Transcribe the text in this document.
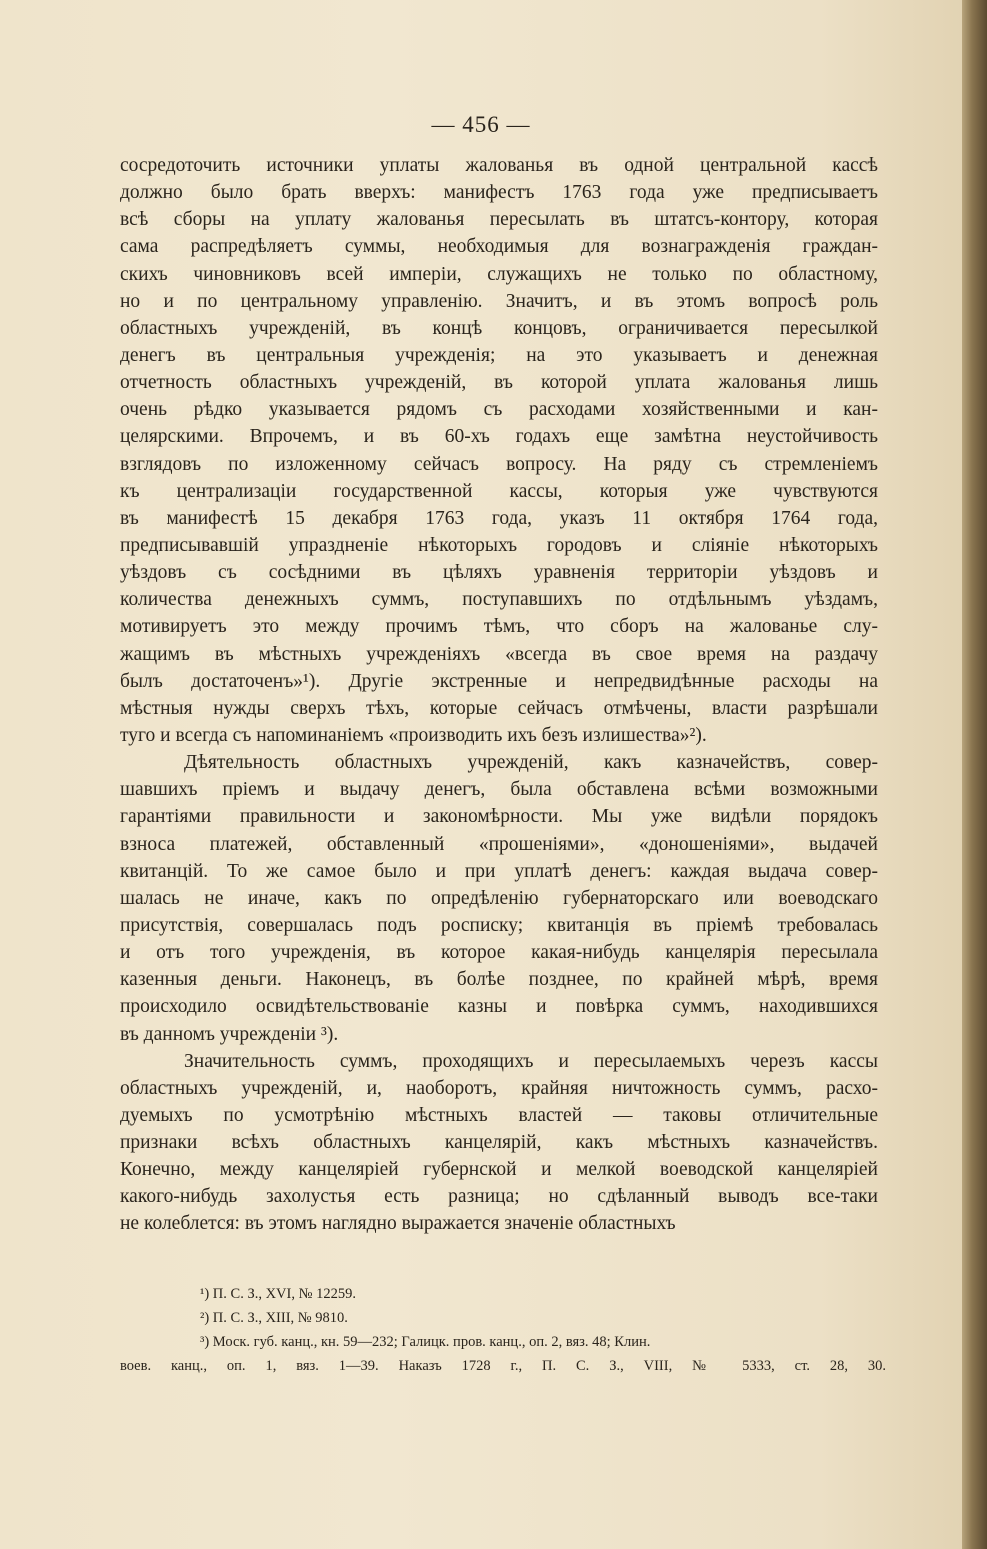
— 456 —
сосредоточить источники уплаты жалованья въ одной центральной кассѣ
должно было брать вверхъ: манифестъ 1763 года уже предписываетъ
всѣ сборы на уплату жалованья пересылать въ штатсъ-контору, которая
сама распредѣляетъ суммы, необходимыя для вознагражденія граждан-
скихъ чиновниковъ всей имперіи, служащихъ не только по областному,
но и по центральному управленію. Значитъ, и въ этомъ вопросѣ роль
областныхъ учрежденій, въ концѣ концовъ, ограничивается пересылкой
денегъ въ центральныя учрежденія; на это указываетъ и денежная
отчетность областныхъ учрежденій, въ которой уплата жалованья лишь
очень рѣдко указывается рядомъ съ расходами хозяйственными и кан-
целярскими. Впрочемъ, и въ 60-хъ годахъ еще замѣтна неустойчивость
взглядовъ по изложенному сейчасъ вопросу. На ряду съ стремленіемъ
къ централизаціи государственной кассы, которыя уже чувствуются
въ манифестѣ 15 декабря 1763 года, указъ 11 октября 1764 года,
предписывавшій упраздненіе нѣкоторыхъ городовъ и сліяніе нѣкоторыхъ
уѣздовъ съ сосѣдними въ цѣляхъ уравненія территоріи уѣздовъ и
количества денежныхъ суммъ, поступавшихъ по отдѣльнымъ уѣздамъ,
мотивируетъ это между прочимъ тѣмъ, что сборъ на жалованье слу-
жащимъ въ мѣстныхъ учрежденіяхъ «всегда въ свое время на раздачу
былъ достаточенъ»¹). Другіе экстренные и непредвидѣнные расходы на
мѣстныя нужды сверхъ тѣхъ, которые сейчасъ отмѣчены, власти разрѣшали
туго и всегда съ напоминаніемъ «производить ихъ безъ излишества»²).
Дѣятельность областныхъ учрежденій, какъ казначействъ, совер-
шавшихъ пріемъ и выдачу денегъ, была обставлена всѣми возможными
гарантіями правильности и закономѣрности. Мы уже видѣли порядокъ
взноса платежей, обставленный «прошеніями», «доношеніями», выдачей
квитанцій. То же самое было и при уплатѣ денегъ: каждая выдача совер-
шалась не иначе, какъ по опредѣленію губернаторскаго или воеводскаго
присутствія, совершалась подъ росписку; квитанція въ пріемѣ требовалась
и отъ того учрежденія, въ которое какая-нибудь канцелярія пересылала
казенныя деньги. Наконецъ, въ болѣе позднее, по крайней мѣрѣ, время
происходило освидѣтельствованіе казны и повѣрка суммъ, находившихся
въ данномъ учрежденіи ³).
Значительность суммъ, проходящихъ и пересылаемыхъ черезъ кассы
областныхъ учрежденій, и, наоборотъ, крайняя ничтожность суммъ, расхо-
дуемыхъ по усмотрѣнію мѣстныхъ властей — таковы отличительные
признаки всѣхъ областныхъ канцелярій, какъ мѣстныхъ казначействъ.
Конечно, между канцеляріей губернской и мелкой воеводской канцеляріей
какого-нибудь захолустья есть разница; но сдѣланный выводъ все-таки
не колеблется: въ этомъ наглядно выражается значеніе областныхъ
¹) П. С. З., XVI, № 12259.
²) П. С. З., XIII, № 9810.
³) Моск. губ. канц., кн. 59—232; Галицк. пров. канц., оп. 2, вяз. 48; Клин.
воев. канц., оп. 1, вяз. 1—39. Наказъ 1728 г., П. С. З., VIII, № 5333, ст. 28, 30.
